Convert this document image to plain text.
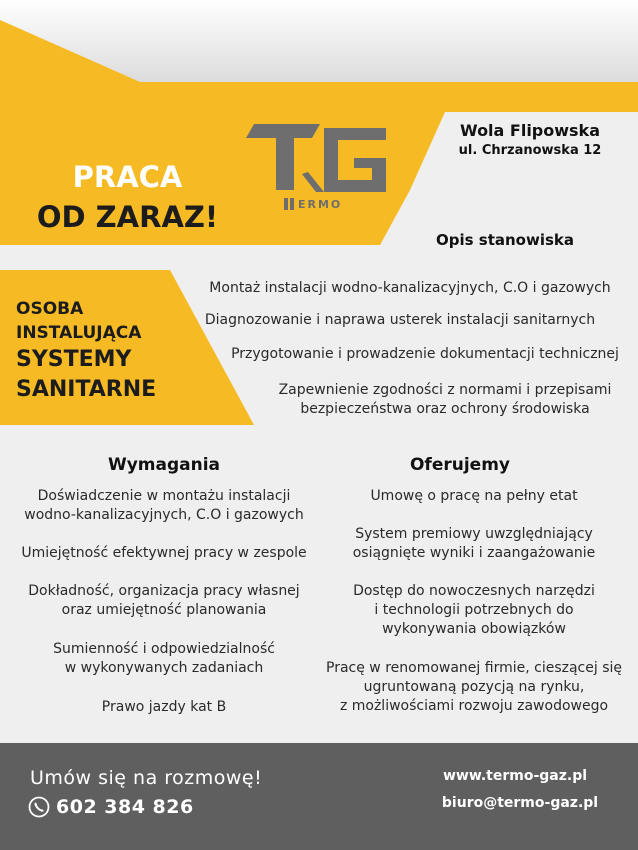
PRACA
OD ZARAZ!	ERMO
Wola Flipowska
ul. Chrzanowska 12
OSOBA
INSTALUJĄCA
SYSTEMY
SANITARNE
Opis stanowiska
Montaż instalacji wodno-kanalizacyjnych, C.O i gazowych
Diagnozowanie i naprawa usterek instalacji sanitarnych
Przygotowanie i prowadzenie dokumentacji technicznej
Zapewnienie zgodności z normami i przepisami
bezpieczeństwa oraz ochrony środowiska
Wymagania
Doświadczenie w montażu instalacji
wodno-kanalizacyjnych, C.O i gazowych
Umiejętność efektywnej pracy w zespole
Dokładność, organizacja pracy własnej
oraz umiejętność planowania
Sumienność i odpowiedzialność
w wykonywanych zadaniach
Prawo jazdy kat B
Oferujemy
Umowę o pracę na pełny etat
System premiowy uwzględniający
osiągnięte wyniki i zaangażowanie
Dostęp do nowoczesnych narzędzi
i technologii potrzebnych do
wykonywania obowiązków
Pracę w renomowanej firmie, cieszącej się
ugruntowaną pozycją na rynku,
z możliwościami rozwoju zawodowego
Umów się na rozmowę!
602 384 826
www.termo-gaz.pl
biuro@termo-gaz.pl
